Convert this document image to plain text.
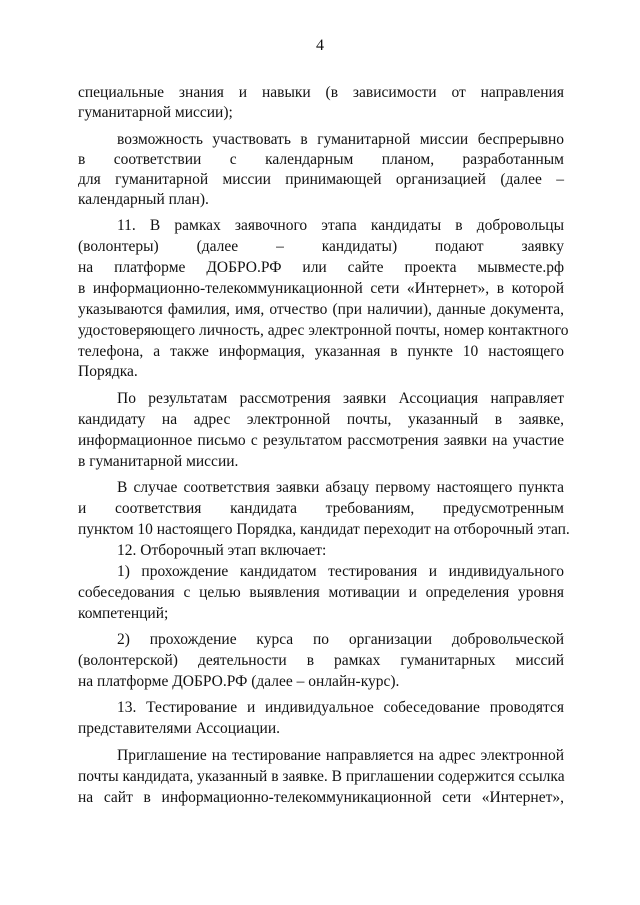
4
специальные знания и навыки (в зависимости от направления
гуманитарной миссии);
возможность участвовать в гуманитарной миссии беспрерывно
в соответствии с календарным планом, разработанным
для гуманитарной миссии принимающей организацией (далее –
календарный план).
11. В рамках заявочного этапа кандидаты в добровольцы
(волонтеры) (далее – кандидаты) подают заявку
на платформе ДОБРО.РФ или сайте проекта мывместе.рф
в информационно-телекоммуникационной сети «Интернет», в которой
указываются фамилия, имя, отчество (при наличии), данные документа,
удостоверяющего личность, адрес электронной почты, номер контактного
телефона, а также информация, указанная в пункте 10 настоящего
Порядка.
По результатам рассмотрения заявки Ассоциация направляет
кандидату на адрес электронной почты, указанный в заявке,
информационное письмо с результатом рассмотрения заявки на участие
в гуманитарной миссии.
В случае соответствия заявки абзацу первому настоящего пункта
и соответствия кандидата требованиям, предусмотренным
пунктом 10 настоящего Порядка, кандидат переходит на отборочный этап.
12. Отборочный этап включает:
1) прохождение кандидатом тестирования и индивидуального
собеседования с целью выявления мотивации и определения уровня
компетенций;
2) прохождение курса по организации добровольческой
(волонтерской) деятельности в рамках гуманитарных миссий
на платформе ДОБРО.РФ (далее – онлайн-курс).
13. Тестирование и индивидуальное собеседование проводятся
представителями Ассоциации.
Приглашение на тестирование направляется на адрес электронной
почты кандидата, указанный в заявке. В приглашении содержится ссылка
на сайт в информационно-телекоммуникационной сети «Интернет»,
